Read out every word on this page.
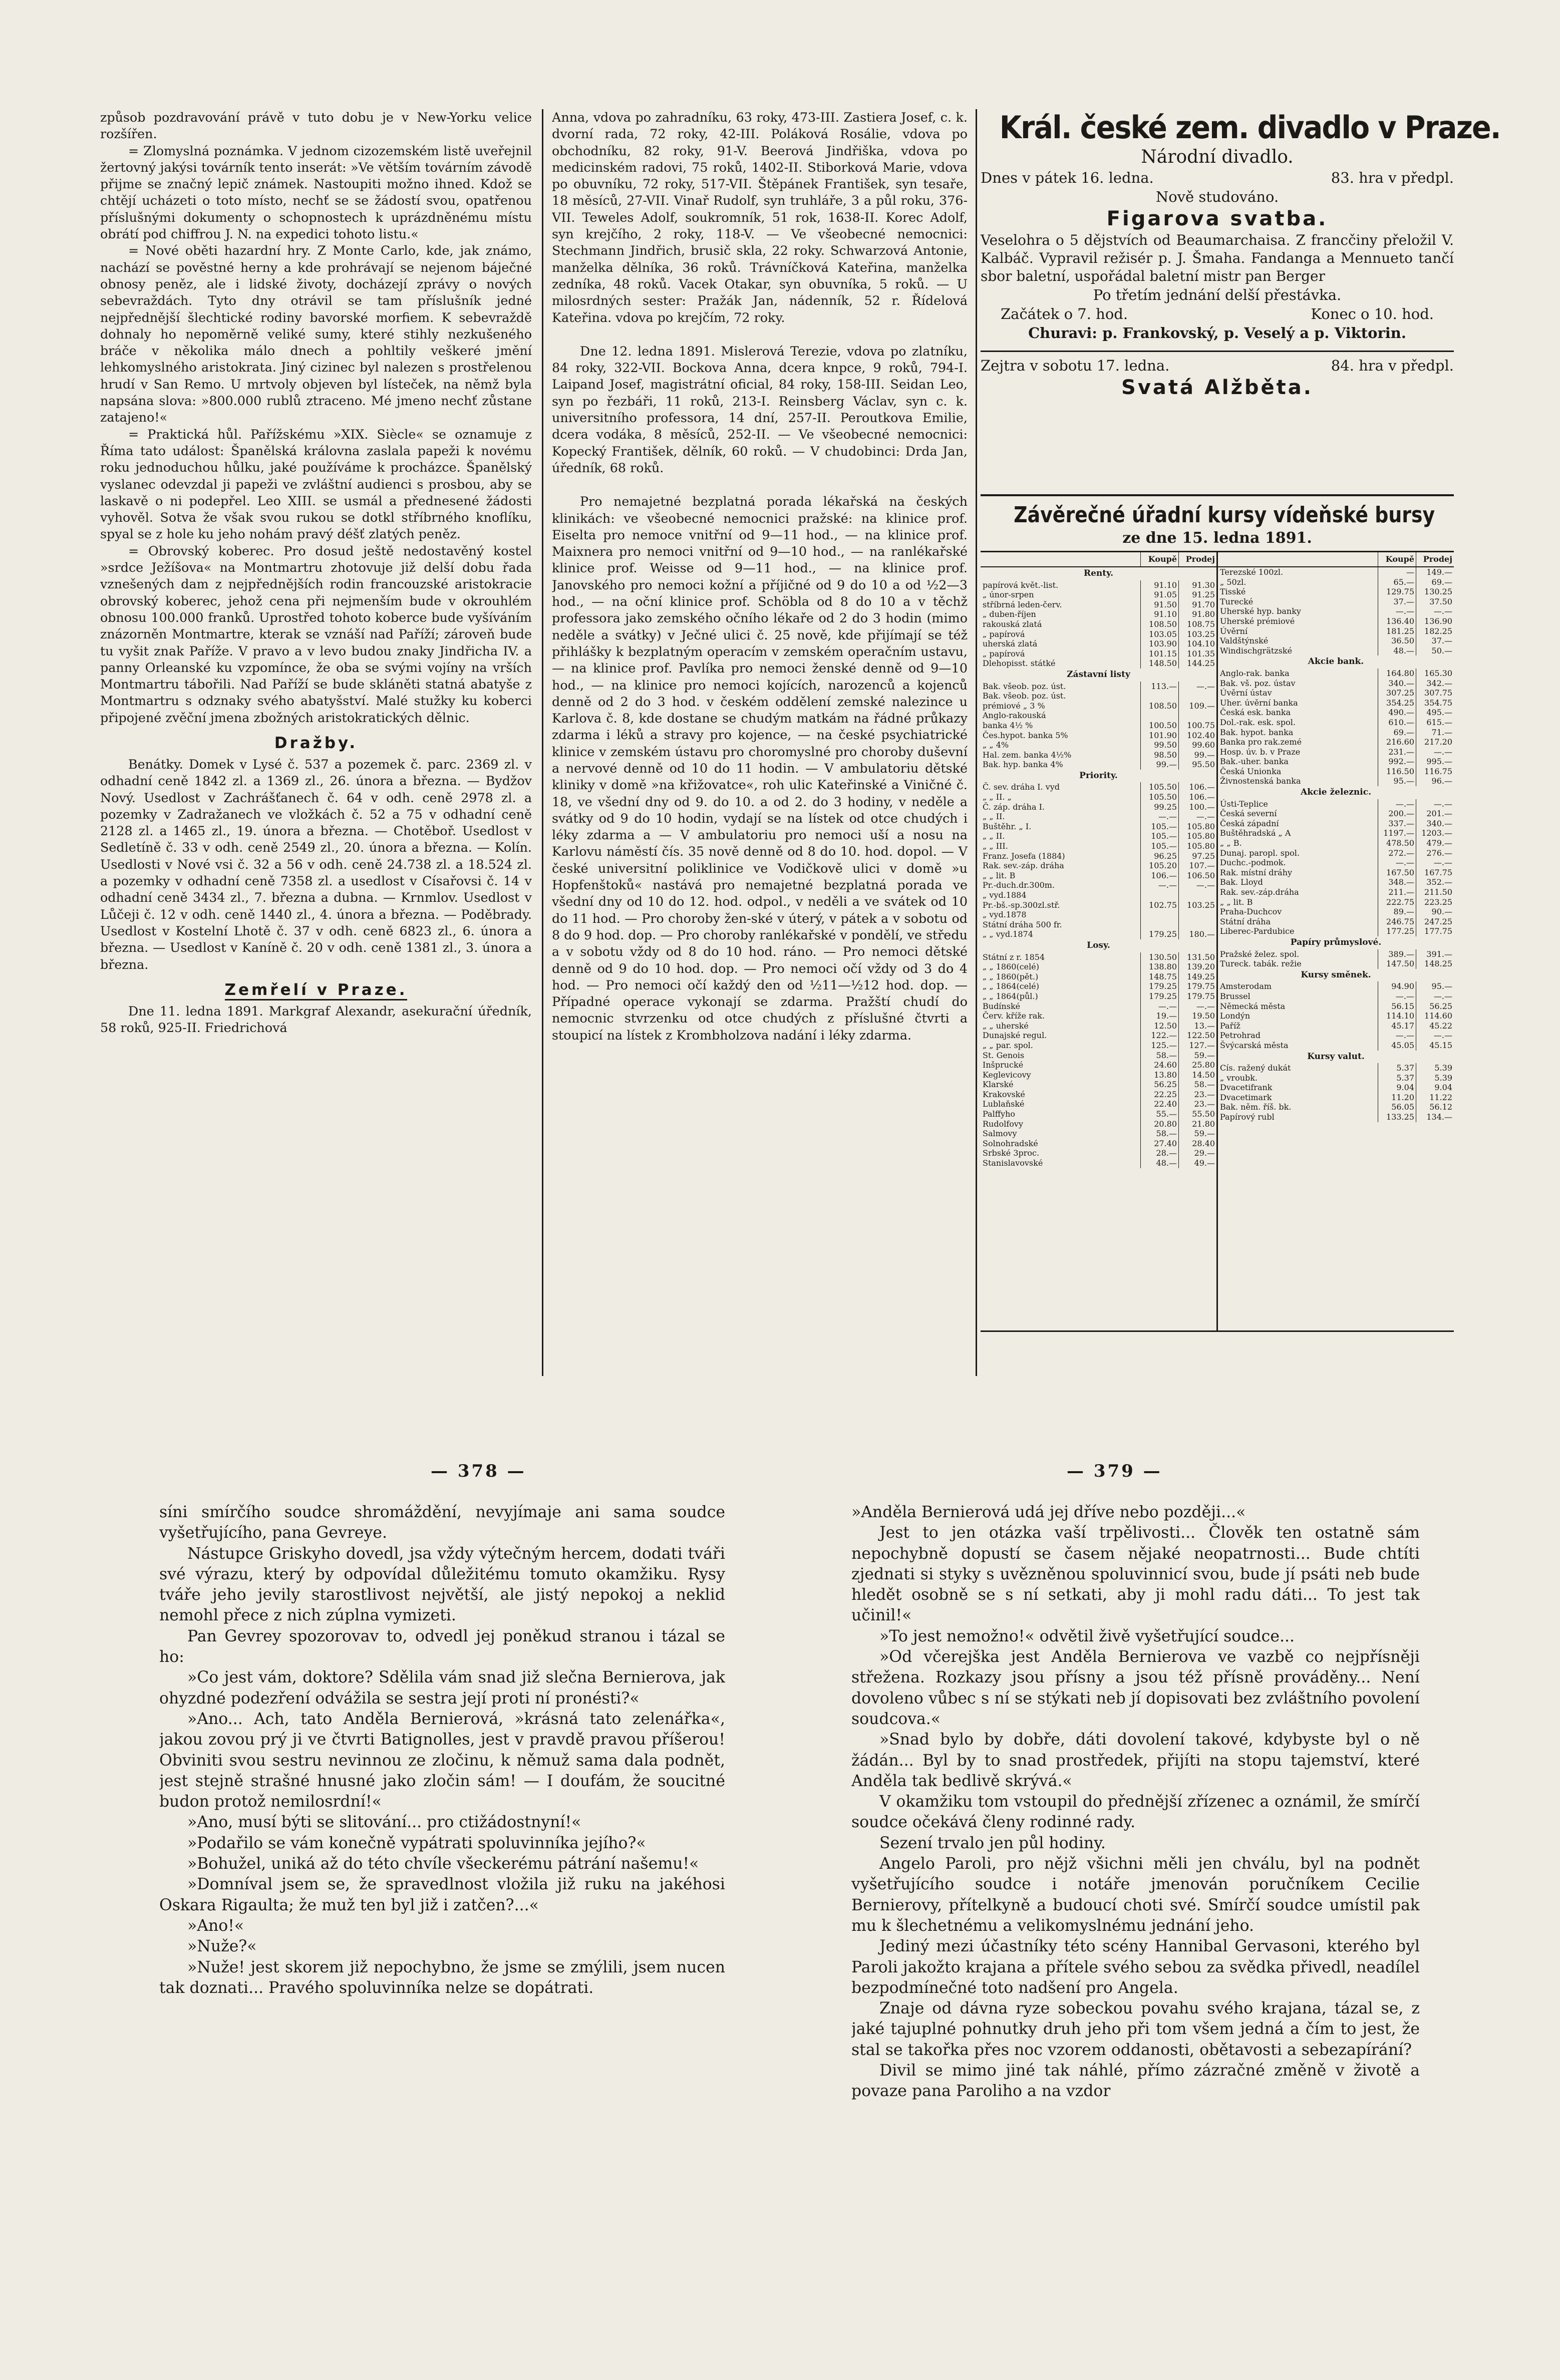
způsob pozdravování právě v tuto dobu je v New-Yorku velice rozšířen.

= Zlomyslná poznámka. V jednom cizozemském listě uveřejnil žertovný jakýsi továrník tento inserát: »Ve větším továrním závodě přijme se značný lepič známek. Nastoupiti možno ihned. Kdož se chtějí ucházeti o toto místo, nechť se se žádostí svou, opatřenou příslušnými dokumenty o schopnostech k uprázdněnému místu obrátí pod chiffrou J. N. na expedici tohoto listu.«

= Nové oběti hazardní hry. Z Monte Carlo, kde, jak známo, nachází se pověstné herny a kde prohrávají se nejenom báječné obnosy peněz, ale i lidské životy, docházejí zprávy o nových sebevraždách. Tyto dny otrávil se tam příslušník jedné nejpřednější šlechtické rodiny bavorské morfiem. K sebevraždě dohnaly ho nepoměrně veliké sumy, které stihly nezkušeného bráče v několika málo dnech a pohltily veškeré jmění lehkomyslného aristokrata. Jiný cizinec byl nalezen s prostřelenou hrudí v San Remo. U mrtvoly objeven byl lísteček, na němž byla napsána slova: »800.000 rublů ztraceno. Mé jmeno nechť zůstane zatajeno!«

= Praktická hůl. Pařížskému »XIX. Siècle« se oznamuje z Říma tato událost: Španělská královna zaslala papeži k novému roku jednoduchou hůlku, jaké používáme k procházce. Španělský vyslanec odevzdal ji papeži ve zvláštní audienci s prosbou, aby se laskavě o ni podepřel. Leo XIII. se usmál a přednesené žádosti vyhověl. Sotva že však svou rukou se dotkl stříbrného knoflíku, spyal se z hole ku jeho nohám pravý déšť zlatých peněz.

= Obrovský koberec. Pro dosud ještě nedostavěný kostel »srdce Ježíšova« na Montmartru zhotovuje již delší dobu řada vznešených dam z nejpřednějších rodin francouzské aristokracie obrovský koberec, jehož cena při nejmenším bude v okrouhlém obnosu 100.000 franků. Uprostřed tohoto koberce bude vyšíváním znázorněn Montmartre, kterak se vznáší nad Paříží; zároveň bude tu vyšit znak Paříže. V pravo a v levo budou znaky Jindřicha IV. a panny Orleanské ku vzpomínce, že oba se svými vojíny na vrších Montmartru tábořili. Nad Paříží se bude skláněti statná abatyše z Montmartru s odznaky svého abatyšství. Malé stužky ku koberci připojené zvěční jmena zbožných aristokratických dělnic.

Dražby.

Benátky. Domek v Lysé č. 537 a pozemek č. parc. 2369 zl. v odhadní ceně 1842 zl. a 1369 zl., 26. února a března. — Bydžov Nový. Usedlost v Zachrášťanech č. 64 v odh. ceně 2978 zl. a pozemky v Zadražanech ve vložkách č. 52 a 75 v odhadní ceně 2128 zl. a 1465 zl., 19. února a března. — Chotěboř. Usedlost v Sedletíně č. 33 v odh. ceně 2549 zl., 20. února a března. — Kolín. Usedlosti v Nové vsi č. 32 a 56 v odh. ceně 24.738 zl. a 18.524 zl. a pozemky v odhadní ceně 7358 zl. a usedlost v Císařovsi č. 14 v odhadní ceně 3434 zl., 7. března a dubna. — Krnmlov. Usedlost v Lůčeji č. 12 v odh. ceně 1440 zl., 4. února a března. — Poděbrady. Usedlost v Kostelní Lhotě č. 37 v odh. ceně 6823 zl., 6. února a března. — Usedlost v Kaníně č. 20 v odh. ceně 1381 zl., 3. února a března.

Zemřelí v Praze.

Dne 11. ledna 1891. Markgraf Alexandr, asekurační úředník, 58 roků, 925-II. Friedrichová

Anna, vdova po zahradníku, 63 roky, 473-III. Zastiera Josef, c. k. dvorní rada, 72 roky, 42-III. Poláková Rosálie, vdova po obchodníku, 82 roky, 91-V. Beerová Jindřiška, vdova po medicinském radovi, 75 roků, 1402-II. Stiborková Marie, vdova po obuvníku, 72 roky, 517-VII. Štěpánek František, syn tesaře, 18 měsíců, 27-VII. Vinař Rudolf, syn truhláře, 3 a půl roku, 376-VII. Teweles Adolf, soukromník, 51 rok, 1638-II. Korec Adolf, syn krejčího, 2 roky, 118-V. — Ve všeobecné nemocnici: Stechmann Jindřich, brusič skla, 22 roky. Schwarzová Antonie, manželka dělníka, 36 roků. Trávníčková Kateřina, manželka zedníka, 48 roků. Vacek Otakar, syn obuvníka, 5 roků. — U milosrdných sester: Pražák Jan, nádenník, 52 r. Řídelová Kateřina. vdova po krejčím, 72 roky.

Dne 12. ledna 1891. Mislerová Terezie, vdova po zlatníku, 84 roky, 322-VII. Bockova Anna, dcera knpce, 9 roků, 794-I. Laipand Josef, magistrátní oficial, 84 roky, 158-III. Seidan Leo, syn po řezbáři, 11 roků, 213-I. Reinsberg Václav, syn c. k. universitního professora, 14 dní, 257-II. Peroutkova Emilie, dcera vodáka, 8 měsíců, 252-II. — Ve všeobecné nemocnici: Kopecký František, dělník, 60 roků. — V chudobinci: Drda Jan, úředník, 68 roků.

Pro nemajetné bezplatná porada lékařská na českých klinikách: ve všeobecné nemocnici pražské: na klinice prof. Eiselta pro nemoce vnitřní od 9—11 hod., — na klinice prof. Maixnera pro nemoci vnitřní od 9—10 hod., — na ranlékařské klinice prof. Weisse od 9—11 hod., — na klinice prof. Janovského pro nemoci kožní a příjičné od 9 do 10 a od ½2—3 hod., — na oční klinice prof. Schöbla od 8 do 10 a v těchž professora jako zemského očního lékaře od 2 do 3 hodin (mimo neděle a svátky) v Ječné ulici č. 25 nově, kde přijímají se též přihlášky k bezplatným operacím v zemském operačním ustavu, — na klinice prof. Pavlíka pro nemoci ženské denně od 9—10 hod., — na klinice pro nemoci kojících, narozenců a kojenců denně od 2 do 3 hod. v českém oddělení zemské nalezince u Karlova č. 8, kde dostane se chudým matkám na řádné průkazy zdarma i léků a stravy pro kojence, — na české psychiatrické klinice v zemském ústavu pro choromyslné pro choroby duševní a nervové denně od 10 do 11 hodin. — V ambulatoriu dětské kliniky v domě »na křižovatce«, roh ulic Kateřinské a Viničné č. 18, ve všední dny od 9. do 10. a od 2. do 3 hodiny, v neděle a svátky od 9 do 10 hodin, vydají se na lístek od otce chudých i léky zdarma a — V ambulatoriu pro nemoci uší a nosu na Karlovu náměstí čís. 35 nově denně od 8 do 10. hod. dopol. — V české universitní poliklinice ve Vodičkově ulici v domě »u Hopfenštoků« nastává pro nemajetné bezplatná porada ve všední dny od 10 do 12. hod. odpol., v neděli a ve svátek od 10 do 11 hod. — Pro choroby žen-ské v úterý, v pátek a v sobotu od 8 do 9 hod. dop. — Pro choroby ranlékařské v pondělí, ve středu a v sobotu vždy od 8 do 10 hod. ráno. — Pro nemoci dětské denně od 9 do 10 hod. dop. — Pro nemoci očí vždy od 3 do 4 hod. — Pro nemoci očí každý den od ½11—½12 hod. dop. — Případné operace vykonají se zdarma. Pražští chudí do nemocnic stvrzenku od otce chudých z příslušné čtvrti a stoupicí na lístek z Krombholzova nadání i léky zdarma.

Král. české zem. divadlo v Praze.
Národní divadlo.
Dnes v pátek 16. ledna.	83. hra v předpl.
Nově studováno.
Figarova svatba.
Veselohra o 5 dějstvích od Beaumarchaisa. Z francčiny přeložil V. Kalbáč. Vypravil režisér p. J. Šmaha. Fandanga a Mennueto tančí sbor baletní, uspořádal baletní mistr pan Berger
Po třetím jednání delší přestávka.
Začátek o 7. hod.	Konec o 10. hod.
Churavi: p. Frankovský, p. Veselý a p. Viktorin.
Zejtra v sobotu 17. ledna.	84. hra v předpl.
Svatá Alžběta.
Závěrečné úřadní kursy vídeňské bursy
ze dne 15. ledna 1891.
Koupě	Prodej
Renty.
papírová květ.-list.	91.10	91.30
„ únor-srpen	91.05	91.25
stříbrná leden-červ.	91.50	91.70
„ duben-říjen	91.10	91.80
rakouská zlatá	108.50	108.75
„ papírová	103.05	103.25
uherská zlatá	103.90	104.10
„ papírová	101.15	101.35
Dlehopisst. státké	148.50	144.25
Zástavní listy
Bak. všeob. poz. úst.	113.—	—.—
Bak. všeob. poz. úst.
prémiové „ 3 %	108.50	109.—
Anglo-rakouská
banka 4½ %	100.50	100.75
Čes.hypot. banka 5%	101.90	102.40
„ „ 4%	99.50	99.60
Hal. zem. banka 4½%	98.50	99.—
Bak. hyp. banka 4%	99.—	95.50
Priority.
Č. sev. dráha I. vyd	105.50	106.—
„ „ II. „	105.50	106.—
Č. záp. dráha I.	99.25	100.—
„ „ II.	—.—	—.—
Buštěhr. „ I.	105.—	105.80
„ „ II.	105.—	105.80
„ „ III.	105.—	105.80
Franz. Josefa (1884)	96.25	97.25
Rak. sev.-záp. dráha	105.20	107.—
„ „ lit. B	106.—	106.50
Pr.-duch.dr.300m.	—.—	—.—
„ vyd.1884
Pr.-bš.-sp.300zl.stř.	102.75	103.25
„ vyd.1878
Státní dráha 500 fr.
„ „ vyd.1874	179.25	180.—
Losy.
Státní z r. 1854	130.50	131.50
„ „ 1860(celé)	138.80	139.20
„ „ 1860(pět.)	148.75	149.25
„ „ 1864(celé)	179.25	179.75
„ „ 1864(půl.)	179.25	179.75
Budínské	—.—	—.—
Červ. kříže rak.	19.—	19.50
„ „ uherské	12.50	13.—
Dunajské regul.	122.—	122.50
„ „ par. spol.	125.—	127.—
St. Genois	58.—	59.—
Inšprucké	24.60	25.80
Keglevicovy	13.80	14.50
Klarské	56.25	58.—
Krakovské	22.25	23.—
Lublaňské	22.40	23.—
Palffyho	55.—	55.50
Rudolfovy	20.80	21.80
Salmovy	58.—	59.—
Solnohradské	27.40	28.40
Srbské 3proc.	28.—	29.—
Stanislavovské	48.—	49.—
Koupě	Prodej
Terezské 100zl.	—	149.—
„ 50zl.	65.—	69.—
Tisské	129.75	130.25
Turecké	37.—	37.50
Uherské hyp. banky	—.—	—.—
Uherské prémiové	136.40	136.90
Úvěrní	181.25	182.25
Valdštýnské	36.50	37.—
Windischgrätzské	48.—	50.—
Akcie bank.
Anglo-rak. banka	164.80	165.30
Bak. vš. poz. ústav	340.—	342.—
Úvěrní ústav	307.25	307.75
Uher. úvěrní banka	354.25	354.75
Česká esk. banka	490.—	495.—
Dol.-rak. esk. spol.	610.—	615.—
Bak. hypot. banka	69.—	71.—
Banka pro rak.zemé	216.60	217.20
Hosp. úv. b. v Praze	231.—	—.—
Bak.-uher. banka	992.—	995.—
Česká Unionka	116.50	116.75
Živnostenská banka	95.—	96.—
Akcie železnic.
Ústi-Teplice	—.—	—.—
Česká severní	200.—	201.—
Česká západní	337.—	340.—
Buštěhradská „ A	1197.— 1203.—
„ „ B.	478.50	479.—
Dunaj. paropl. spol.	272.—	276.—
Duchc.-podmok.	—.—	—.—
Rak. místní dráhy	167.50	167.75
Bak. Lloyd	348.—	352.—
Rak. sev.-záp.dráha	211.—	211.50
„ „ lit. B	222.75	223.25
Praha-Duchcov	89.—	90.—
Státní dráha	246.75	247.25
Liberec-Pardubice	177.25	177.75
Papíry průmyslové.
Pražské želez. spol.	389.—	391.—
Tureck. tabák. režie	147.50	148.25
Kursy směnek.
Amsterodam	94.90	95.—
Brussel	—.—	—.—
Německá města	56.15	56.25
Londýn	114.10	114.60
Paříž	45.17	45.22
Petrohrad	—.—	—.—
Švýcarská města	45.05	45.15
Kursy valut.
Cís. ražený dukát	5.37	5.39
„ vroubk.	5.37	5.39
Dvacetifrank	9.04	9.04
Dvacetimark	11.20	11.22
Bak. něm. říš. bk.	56.05	56.12
Papírový rubl	133.25	134.—
— 378 —	— 379 —

síni smírčího soudce shromáždění, nevyjímaje ani sama soudce vyšetřujícího, pana Gevreye.

Nástupce Griskyho dovedl, jsa vždy výtečným hercem, dodati tváři své výrazu, který by odpovídal důležitému tomuto okamžiku. Rysy tváře jeho jevily starostlivost největší, ale jistý nepokoj a neklid nemohl přece z nich zúplna vymizeti.

Pan Gevrey spozorovav to, odvedl jej poněkud stranou i tázal se ho:

»Co jest vám, doktore? Sdělila vám snad již slečna Bernierova, jak ohyzdné podezření odvážila se sestra její proti ní pronésti?«

»Ano... Ach, tato Anděla Bernierová, »krásná tato zelenářka«, jakou zovou prý ji ve čtvrti Batignolles, jest v pravdě pravou příšerou! Obviniti svou sestru nevinnou ze zločinu, k němuž sama dala podnět, jest stejně strašné hnusné jako zločin sám! — I doufám, že soucitné budon protož nemilosrdní!«

»Ano, musí býti se slitování... pro ctižádostnyní!«

»Podařilo se vám konečně vypátrati spoluvinníka jejího?«

»Bohužel, uniká až do této chvíle všeckerému pátrání našemu!«

»Domníval jsem se, že spravedlnost vložila již ruku na jakéhosi Oskara Rigaulta; že muž ten byl již i zatčen?...«

»Ano!«

»Nuže?«

»Nuže! jest skorem již nepochybno, že jsme se zmýlili, jsem nucen tak doznati... Pravého spoluvinníka nelze se dopátrati.

»Anděla Bernierová udá jej dříve nebo později...«

Jest to jen otázka vaší trpělivosti... Člověk ten ostatně sám nepochybně dopustí se časem nějaké neopatrnosti... Bude chtíti zjednati si styky s uvězněnou spoluvinnicí svou, bude jí psáti neb bude hledět osobně se s ní setkati, aby ji mohl radu dáti... To jest tak učinil!«

»To jest nemožno!« odvětil živě vyšetřující soudce...

»Od včerejška jest Anděla Bernierova ve vazbě co nejpřísněji střežena. Rozkazy jsou přísny a jsou též přísně prováděny... Není dovoleno vůbec s ní se stýkati neb jí dopisovati bez zvláštního povolení soudcova.«

»Snad bylo by dobře, dáti dovolení takové, kdybyste byl o ně žádán... Byl by to snad prostředek, přijíti na stopu tajemství, které Anděla tak bedlivě skrývá.«

V okamžiku tom vstoupil do přednější zřízenec a oznámil, že smírčí soudce očekává členy rodinné rady.

Sezení trvalo jen půl hodiny.

Angelo Paroli, pro nějž všichni měli jen chválu, byl na podnět vyšetřujícího soudce i notáře jmenován poručníkem Cecilie Bernierovy, přítelkyně a budoucí choti své. Smírčí soudce umístil pak mu k šlechetnému a velikomyslnému jednání jeho.

Jediný mezi účastníky této scény Hannibal Gervasoni, kterého byl Paroli jakožto krajana a přítele svého sebou za svědka přivedl, neadílel bezpodmínečné toto nadšení pro Angela.

Znaje od dávna ryze sobeckou povahu svého krajana, tázal se, z jaké tajuplné pohnutky druh jeho při tom všem jedná a čím to jest, že stal se takořka přes noc vzorem oddanosti, obětavosti a sebezapírání?

Divil se mimo jiné tak náhlé, přímo zázračné změně v životě a povaze pana Paroliho a na vzdor
